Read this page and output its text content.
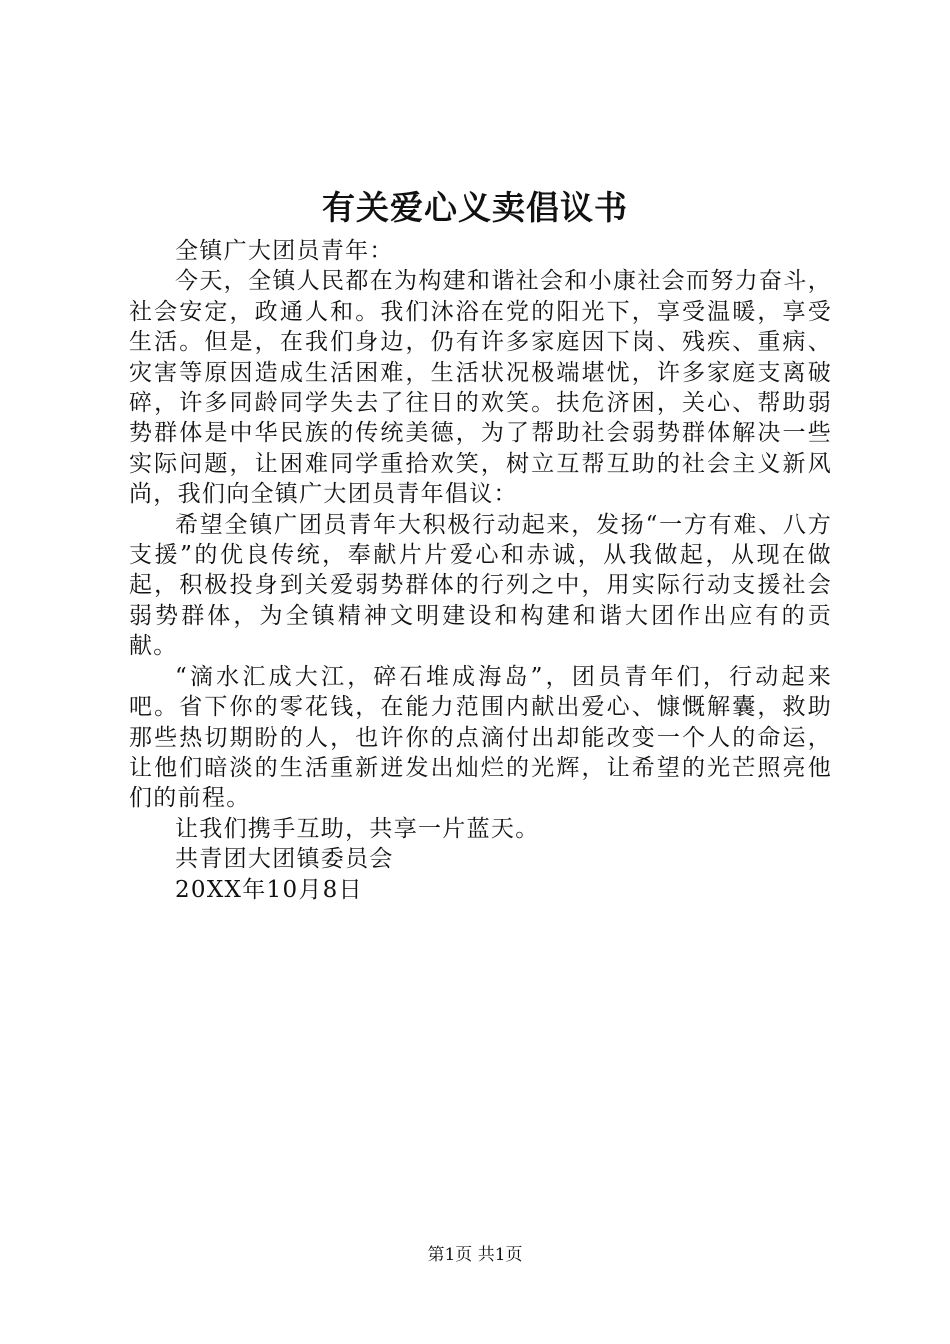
有关爱心义卖倡议书

全镇广大团员青年：

今天，全镇人民都在为构建和谐社会和小康社会而努力奋斗，社会安定，政通人和。我们沐浴在党的阳光下，享受温暖，享受生活。但是，在我们身边，仍有许多家庭因下岗、残疾、重病、灾害等原因造成生活困难，生活状况极端堪忧，许多家庭支离破碎，许多同龄同学失去了往日的欢笑。扶危济困，关心、帮助弱势群体是中华民族的传统美德，为了帮助社会弱势群体解决一些实际问题，让困难同学重拾欢笑，树立互帮互助的社会主义新风尚，我们向全镇广大团员青年倡议：

希望全镇广团员青年大积极行动起来，发扬“一方有难、八方支援”的优良传统，奉献片片爱心和赤诚，从我做起，从现在做起，积极投身到关爱弱势群体的行列之中，用实际行动支援社会弱势群体，为全镇精神文明建设和构建和谐大团作出应有的贡献。

“滴水汇成大江，碎石堆成海岛”，团员青年们，行动起来吧。省下你的零花钱，在能力范围内献出爱心、慷慨解囊，救助那些热切期盼的人，也许你的点滴付出却能改变一个人的命运，让他们暗淡的生活重新迸发出灿烂的光辉，让希望的光芒照亮他们的前程。

让我们携手互助，共享一片蓝天。

共青团大团镇委员会

20XX年10月8日

第1页 共1页
